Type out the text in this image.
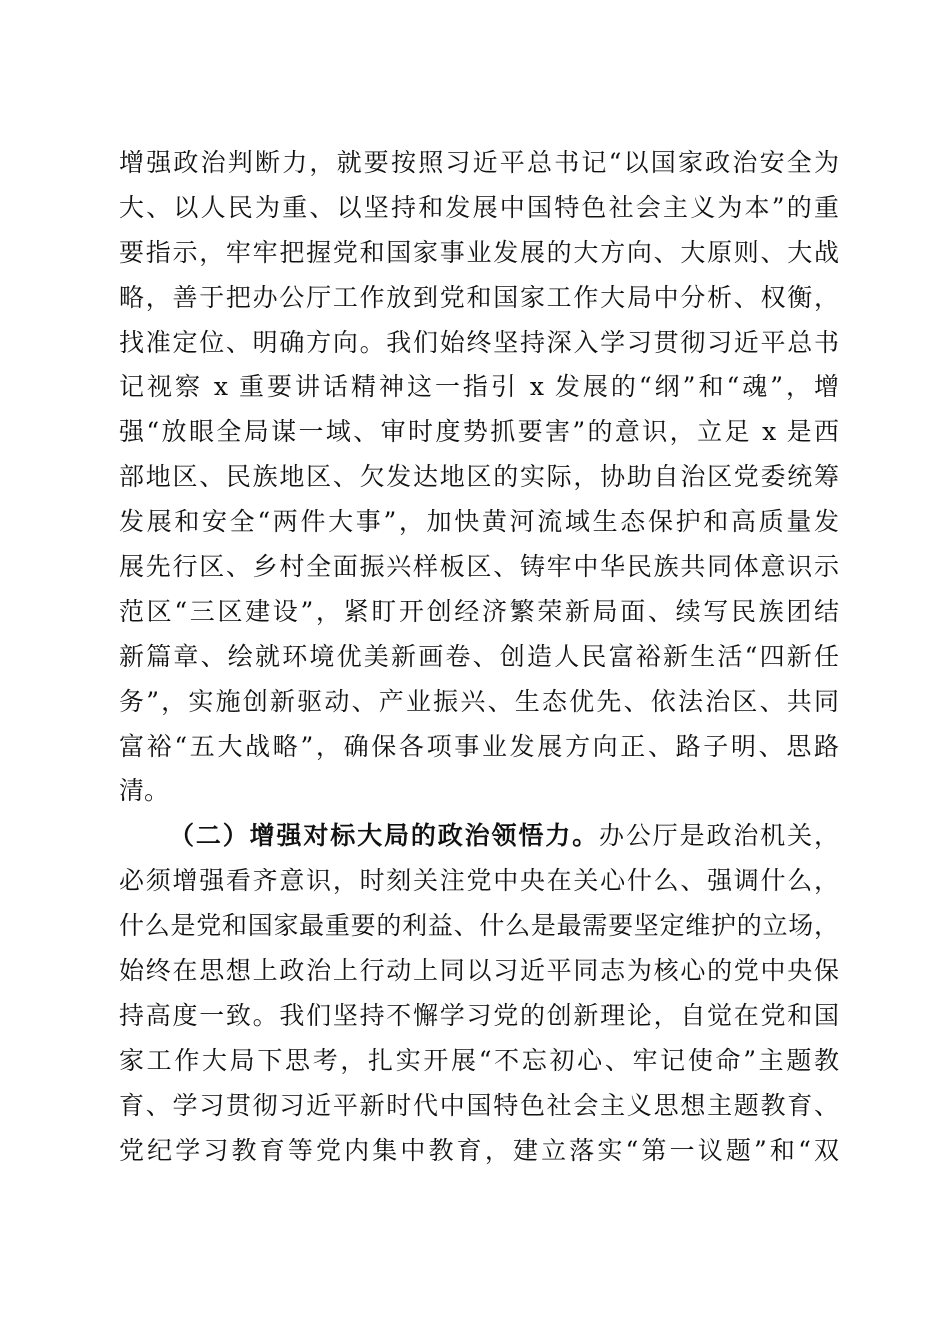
增强政治判断力，就要按照习近平总书记“以国家政治安全为
大、以人民为重、以坚持和发展中国特色社会主义为本”的重
要指示，牢牢把握党和国家事业发展的大方向、大原则、大战
略，善于把办公厅工作放到党和国家工作大局中分析、权衡，
找准定位、明确方向。我们始终坚持深入学习贯彻习近平总书
记视察 x 重要讲话精神这一指引 x 发展的“纲”和“魂”，增
强“放眼全局谋一域、审时度势抓要害”的意识，立足 x 是西
部地区、民族地区、欠发达地区的实际，协助自治区党委统筹
发展和安全“两件大事”，加快黄河流域生态保护和高质量发
展先行区、乡村全面振兴样板区、铸牢中华民族共同体意识示
范区“三区建设”，紧盯开创经济繁荣新局面、续写民族团结
新篇章、绘就环境优美新画卷、创造人民富裕新生活“四新任
务”，实施创新驱动、产业振兴、生态优先、依法治区、共同
富裕“五大战略”，确保各项事业发展方向正、路子明、思路
清。
（二）增强对标大局的政治领悟力。办公厅是政治机关，
必须增强看齐意识，时刻关注党中央在关心什么、强调什么，
什么是党和国家最重要的利益、什么是最需要坚定维护的立场，
始终在思想上政治上行动上同以习近平同志为核心的党中央保
持高度一致。我们坚持不懈学习党的创新理论，自觉在党和国
家工作大局下思考，扎实开展“不忘初心、牢记使命”主题教
育、学习贯彻习近平新时代中国特色社会主义思想主题教育、
党纪学习教育等党内集中教育，建立落实“第一议题”和“双
